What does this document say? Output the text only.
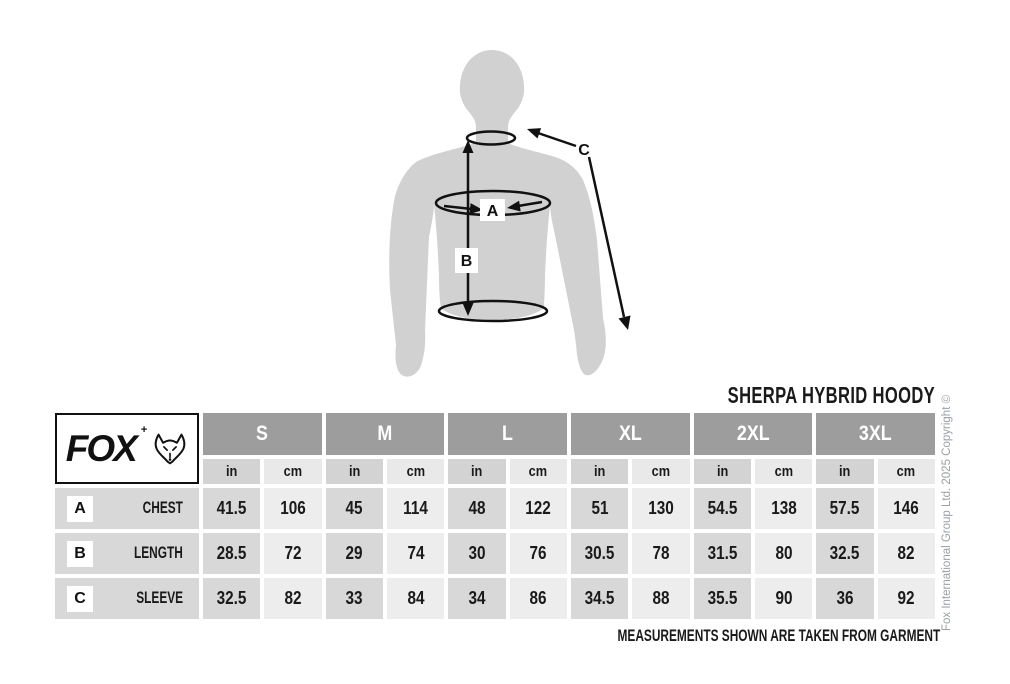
A
B
C
SHERPA HYBRID HOODY
FOX +	S	M	L	XL	2XL	3XL
in	cm	in	cm	in	cm	in	cm	in	cm	in	cm
A	CHEST	41.5 106 45 114 48 122 51 130 54.5 138 57.5 146
B	LENGTH	28.5 72 29 74 30 76 30.5 78 31.5 80 32.5 82
C	SLEEVE	32.5 82 33 84 34 86 34.5 88 35.5 90 36 92
MEASUREMENTS SHOWN ARE TAKEN FROM GARMENT
Fox International Group Ltd. 2025 Copyright ©
